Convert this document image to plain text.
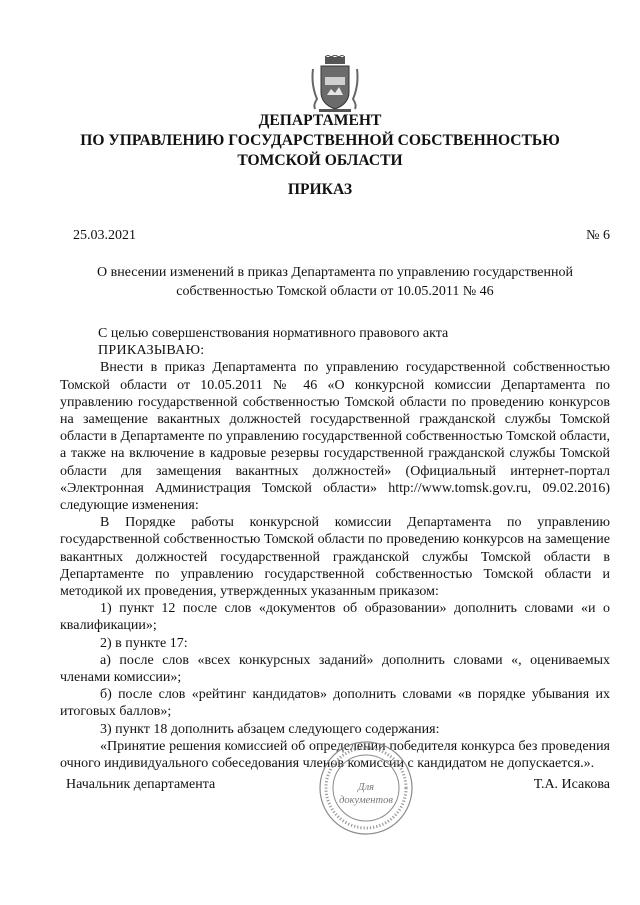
ДЕПАРТАМЕНТ
ПО УПРАВЛЕНИЮ ГОСУДАРСТВЕННОЙ СОБСТВЕННОСТЬЮ
ТОМСКОЙ ОБЛАСТИ
ПРИКАЗ
25.03.2021	№ 6
О внесении изменений в приказ Департамента по управлению государственной
собственностью Томской области от 10.05.2011 № 46

С целью совершенствования нормативного правового акта

ПРИКАЗЫВАЮ:

Внести в приказ Департамента по управлению государственной собственностью Томской области от 10.05.2011 № 46 «О конкурсной комиссии Департамента по управлению государственной собственностью Томской области по проведению конкурсов на замещение вакантных должностей государственной гражданской службы Томской области в Департаменте по управлению государственной собственностью Томской области, а также на включение в кадровые резервы государственной гражданской службы Томской области для замещения вакантных должностей» (Официальный интернет-портал «Электронная Администрация Томской области» http://www.tomsk.gov.ru, 09.02.2016) следующие изменения:

В Порядке работы конкурсной комиссии Департамента по управлению государственной собственностью Томской области по проведению конкурсов на замещение вакантных должностей государственной гражданской службы Томской области в Департаменте по управлению государственной собственностью Томской области и методикой их проведения, утвержденных указанным приказом:

1) пункт 12 после слов «документов об образовании» дополнить словами «и о квалификации»;

2) в пункте 17:

а) после слов «всех конкурсных заданий» дополнить словами «, оцениваемых членами комиссии»;

б) после слов «рейтинг кандидатов» дополнить словами «в порядке убывания их итоговых баллов»;

3) пункт 18 дополнить абзацем следующего содержания:

«Принятие решения комиссией об определении победителя конкурса без проведения очного индивидуального собеседования членов комиссии с кандидатом не допускается.».

Начальник департамента	Для
документов
Т.А. Исакова
